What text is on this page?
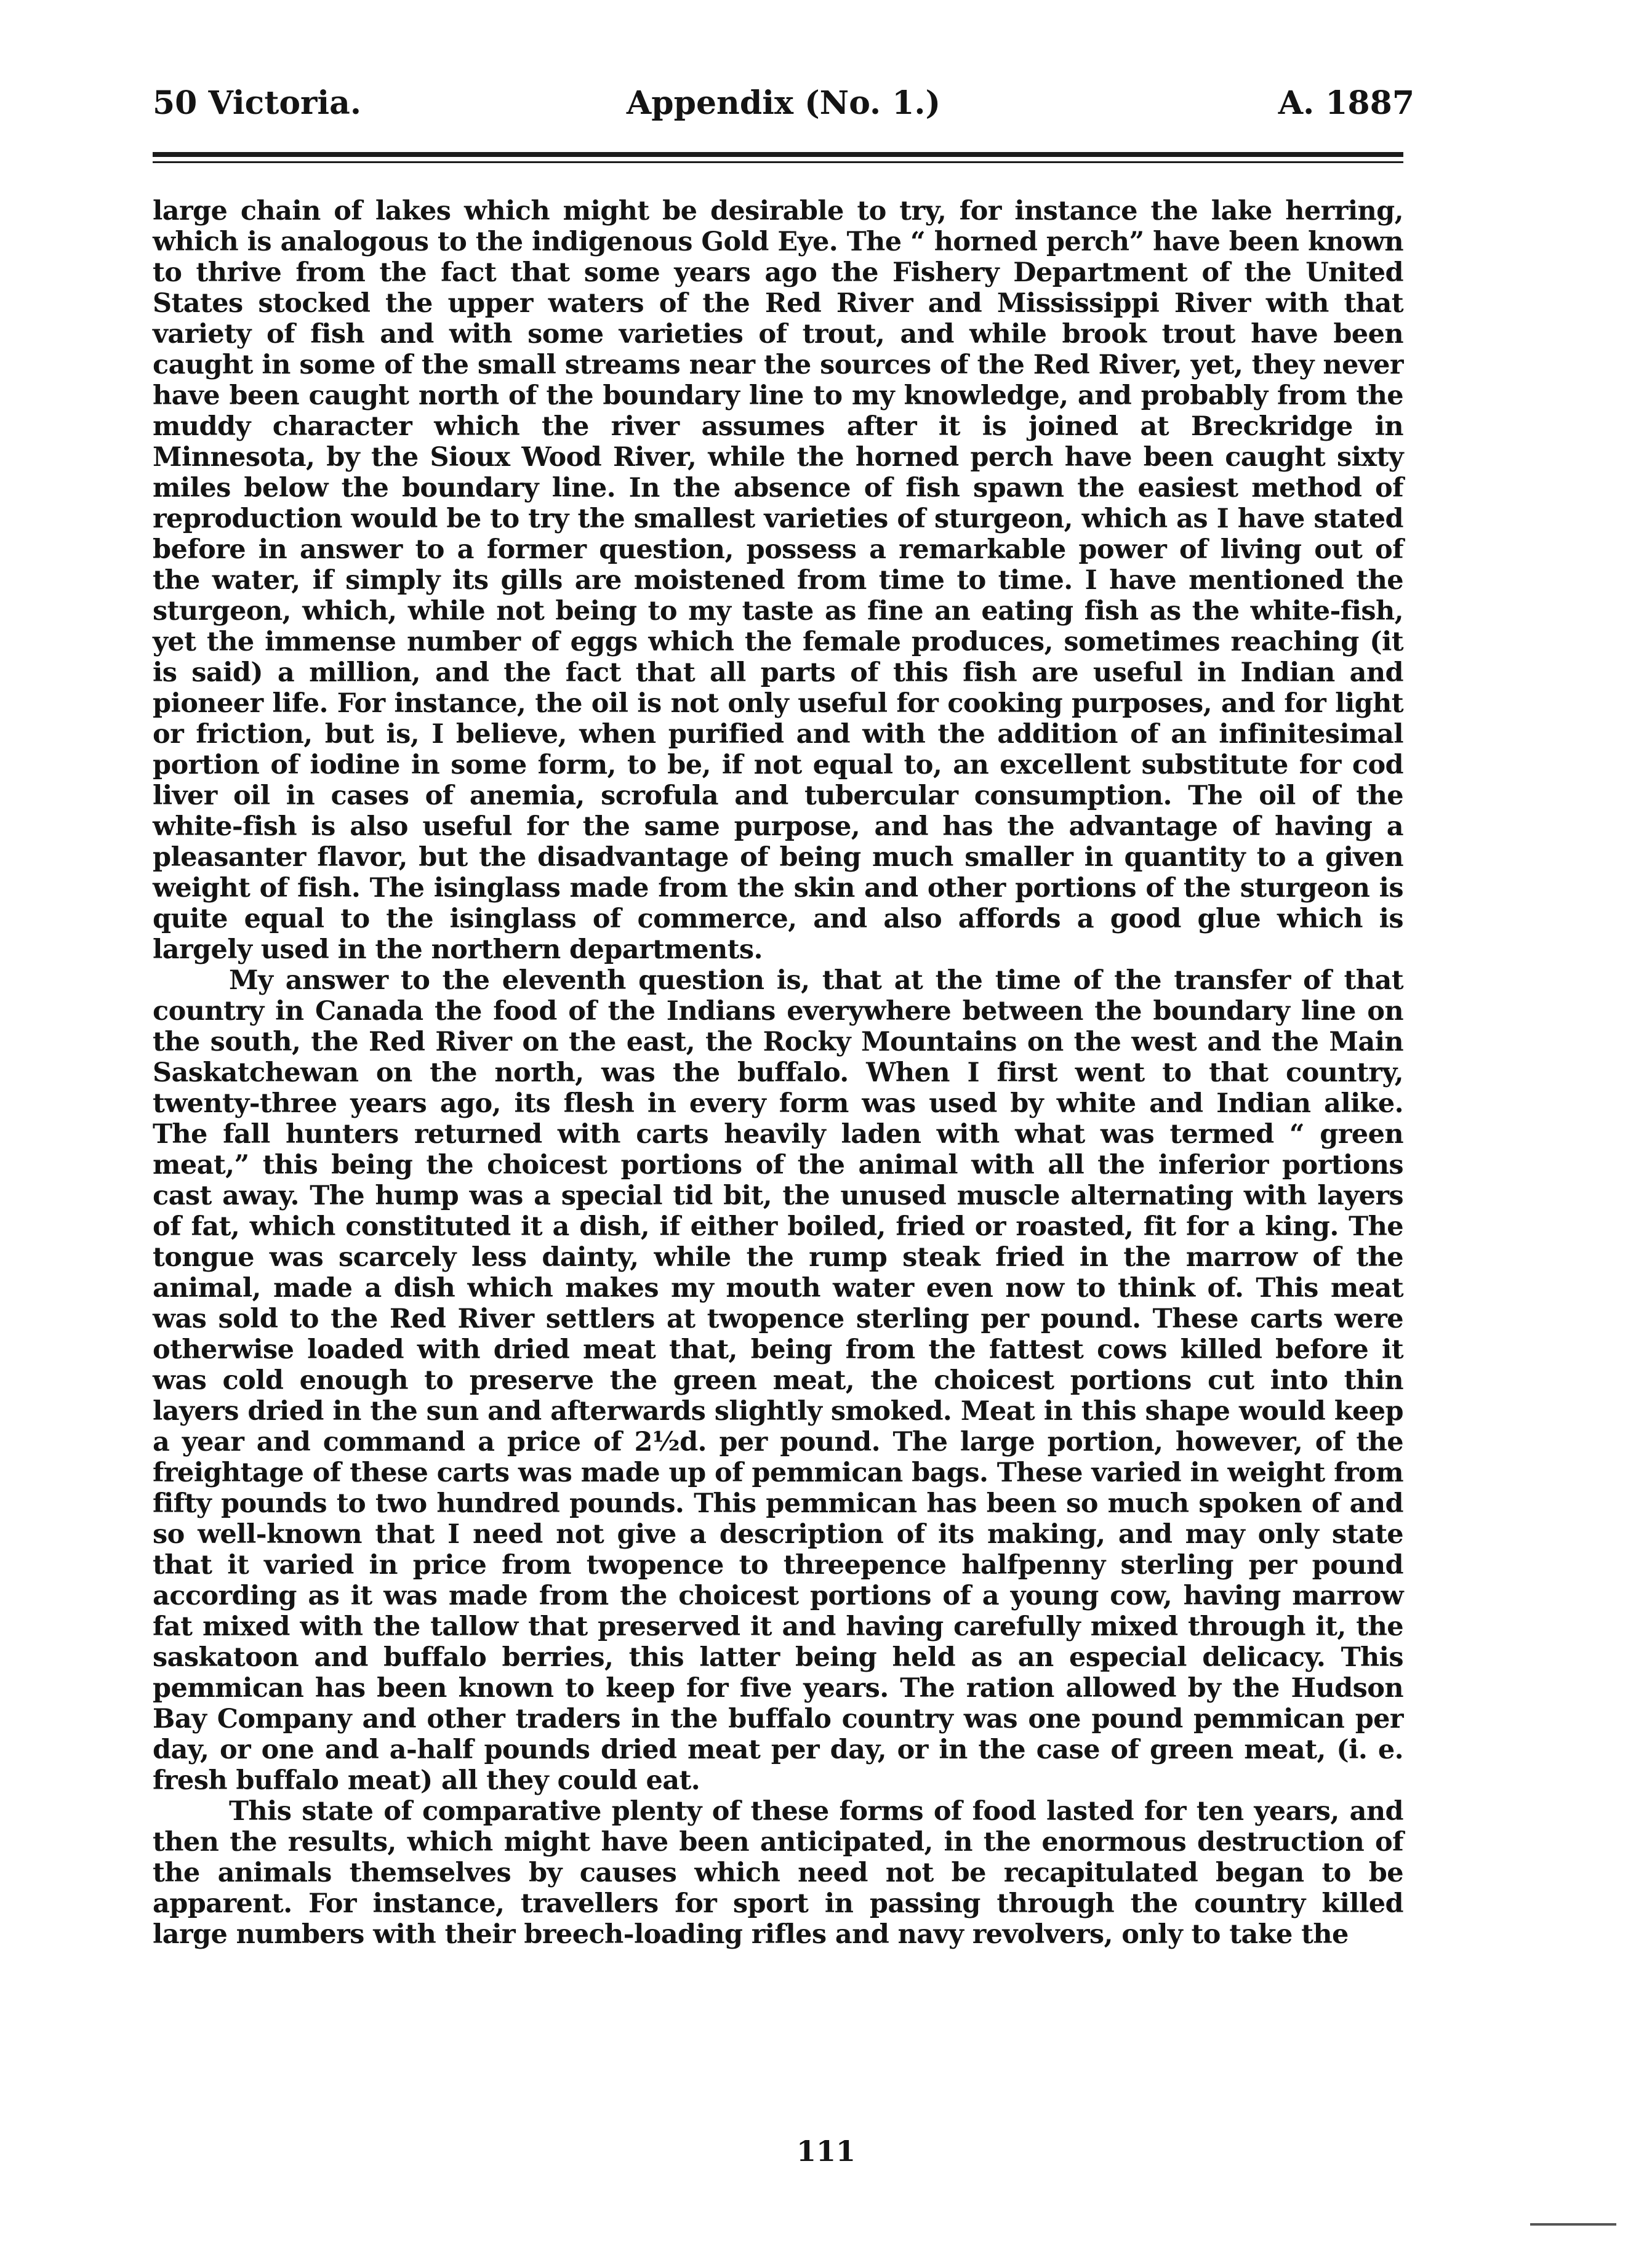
50 Victoria.	Appendix (No. 1.)	A. 1887

large chain of lakes which might be desirable to try, for instance the lake herring, which is analogous to the indigenous Gold Eye. The “ horned perch” have been known to thrive from the fact that some years ago the Fishery Department of the United States stocked the upper waters of the Red River and Mississippi River with that variety of fish and with some varieties of trout, and while brook trout have been caught in some of the small streams near the sources of the Red River, yet, they never have been caught north of the boundary line to my knowledge, and probably from the muddy character which the river assumes after it is joined at Breckridge in Minnesota, by the Sioux Wood River, while the horned perch have been caught sixty miles below the boundary line. In the absence of fish spawn the easiest method of reproduction would be to try the smallest varieties of sturgeon, which as I have stated before in answer to a former question, possess a remarkable power of living out of the water, if simply its gills are moistened from time to time. I have mentioned the sturgeon, which, while not being to my taste as fine an eating fish as the white-fish, yet the immense number of eggs which the female produces, sometimes reaching (it is said) a million, and the fact that all parts of this fish are useful in Indian and pioneer life. For instance, the oil is not only useful for cooking purposes, and for light or friction, but is, I believe, when purified and with the addition of an infinitesimal portion of iodine in some form, to be, if not equal to, an excellent substitute for cod liver oil in cases of anemia, scrofula and tubercular consumption. The oil of the white-fish is also useful for the same purpose, and has the advantage of having a pleasanter flavor, but the disadvantage of being much smaller in quantity to a given weight of fish. The isinglass made from the skin and other portions of the sturgeon is quite equal to the isinglass of commerce, and also affords a good glue which is largely used in the northern departments.

My answer to the eleventh question is, that at the time of the transfer of that country in Canada the food of the Indians everywhere between the boundary line on the south, the Red River on the east, the Rocky Mountains on the west and the Main Saskatchewan on the north, was the buffalo. When I first went to that country, twenty-three years ago, its flesh in every form was used by white and Indian alike. The fall hunters returned with carts heavily laden with what was termed “ green meat,” this being the choicest portions of the animal with all the inferior portions cast away. The hump was a special tid bit, the unused muscle alternating with layers of fat, which constituted it a dish, if either boiled, fried or roasted, fit for a king. The tongue was scarcely less dainty, while the rump steak fried in the marrow of the animal, made a dish which makes my mouth water even now to think of. This meat was sold to the Red River settlers at twopence sterling per pound. These carts were otherwise loaded with dried meat that, being from the fattest cows killed before it was cold enough to preserve the green meat, the choicest portions cut into thin layers dried in the sun and afterwards slightly smoked. Meat in this shape would keep a year and command a price of 2½d. per pound. The large portion, however, of the freightage of these carts was made up of pemmican bags. These varied in weight from fifty pounds to two hundred pounds. This pemmican has been so much spoken of and so well-known that I need not give a description of its making, and may only state that it varied in price from twopence to threepence halfpenny sterling per pound according as it was made from the choicest portions of a young cow, having marrow fat mixed with the tallow that preserved it and having carefully mixed through it, the saskatoon and buffalo berries, this latter being held as an especial delicacy. This pemmican has been known to keep for five years. The ration allowed by the Hudson Bay Company and other traders in the buffalo country was one pound pemmican per day, or one and a-half pounds dried meat per day, or in the case of green meat, (i. e. fresh buffalo meat) all they could eat.

This state of comparative plenty of these forms of food lasted for ten years, and then the results, which might have been anticipated, in the enormous destruction of the animals themselves by causes which need not be recapitulated began to be apparent. For instance, travellers for sport in passing through the country killed large numbers with their breech-loading rifles and navy revolvers, only to take the

111
